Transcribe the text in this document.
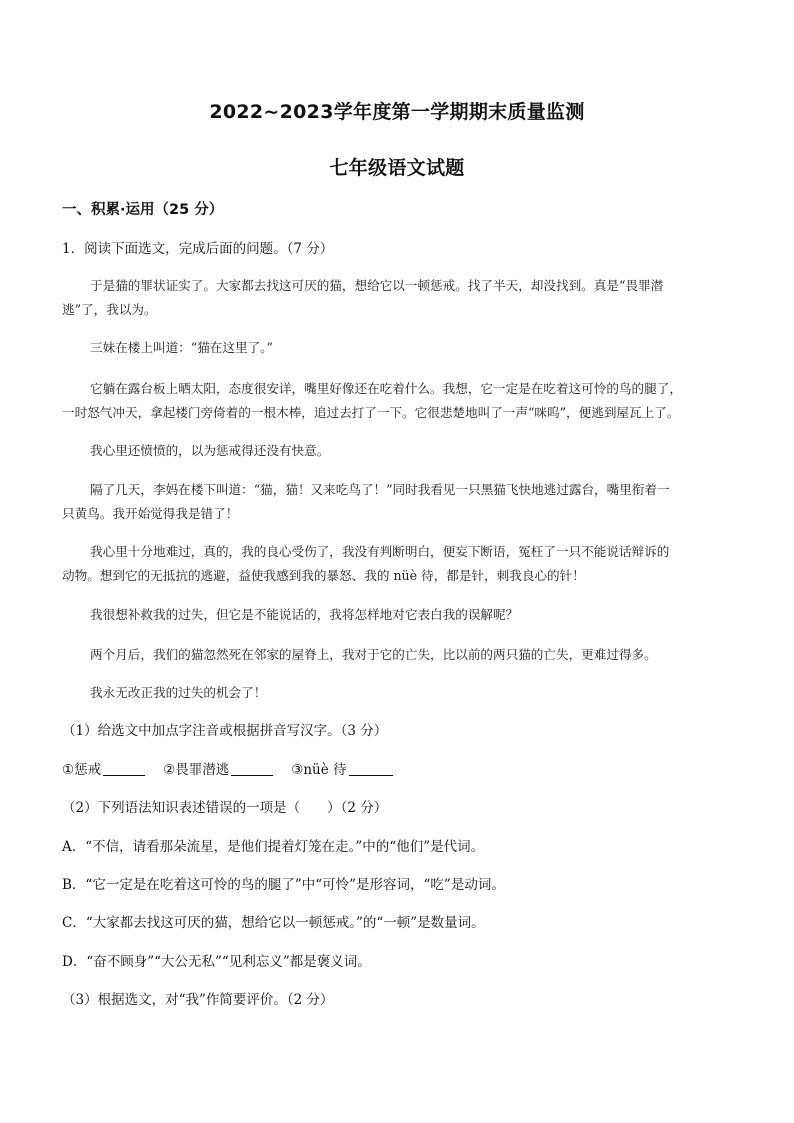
2022~2023学年度第一学期期末质量监测
七年级语文试题
一、积累·运用（25 分）
1．阅读下面选文，完成后面的问题。（7 分）
于是猫的罪状证实了。大家都去找这可厌的猫，想给它以一顿惩戒。找了半天，却没找到。真是“畏罪潜
逃”了，我以为。
三妹在楼上叫道：“猫在这里了。”
它躺在露台板上晒太阳，态度很安详，嘴里好像还在吃着什么。我想，它一定是在吃着这可怜的鸟的腿了，
一时怒气冲天，拿起楼门旁倚着的一根木棒，追过去打了一下。它很悲楚地叫了一声“咪呜”，便逃到屋瓦上了。
我心里还愤愤的，以为惩戒得还没有快意。
隔了几天，李妈在楼下叫道：“猫，猫！又来吃鸟了！”同时我看见一只黑猫飞快地逃过露台，嘴里衔着一
只黄鸟。我开始觉得我是错了！
我心里十分地难过，真的，我的良心受伤了，我没有判断明白，便妄下断语，冤枉了一只不能说话辩诉的
动物。想到它的无抵抗的逃避，益使我感到我的暴怒、我的 nüè 待，都是针，刺我良心的针！
我很想补救我的过失，但它是不能说话的，我将怎样地对它表白我的误解呢？
两个月后，我们的猫忽然死在邻家的屋脊上，我对于它的亡失，比以前的两只猫的亡失，更难过得多。
我永无改正我的过失的机会了！
（1）给选文中加点字注音或根据拼音写汉字。（3 分）
①惩戒	②畏罪潜逃	③nüè 待
（2）下列语法知识表述错误的一项是（　　）（2 分）
A．“不信，请看那朵流星，是他们提着灯笼在走。”中的“他们”是代词。
B．“它一定是在吃着这可怜的鸟的腿了”中“可怜”是形容词，“吃”是动词。
C．“大家都去找这可厌的猫，想给它以一顿惩戒。”的“一顿”是数量词。
D．“奋不顾身”“大公无私”“见利忘义”都是褒义词。
（3）根据选文，对“我”作简要评价。（2 分）
